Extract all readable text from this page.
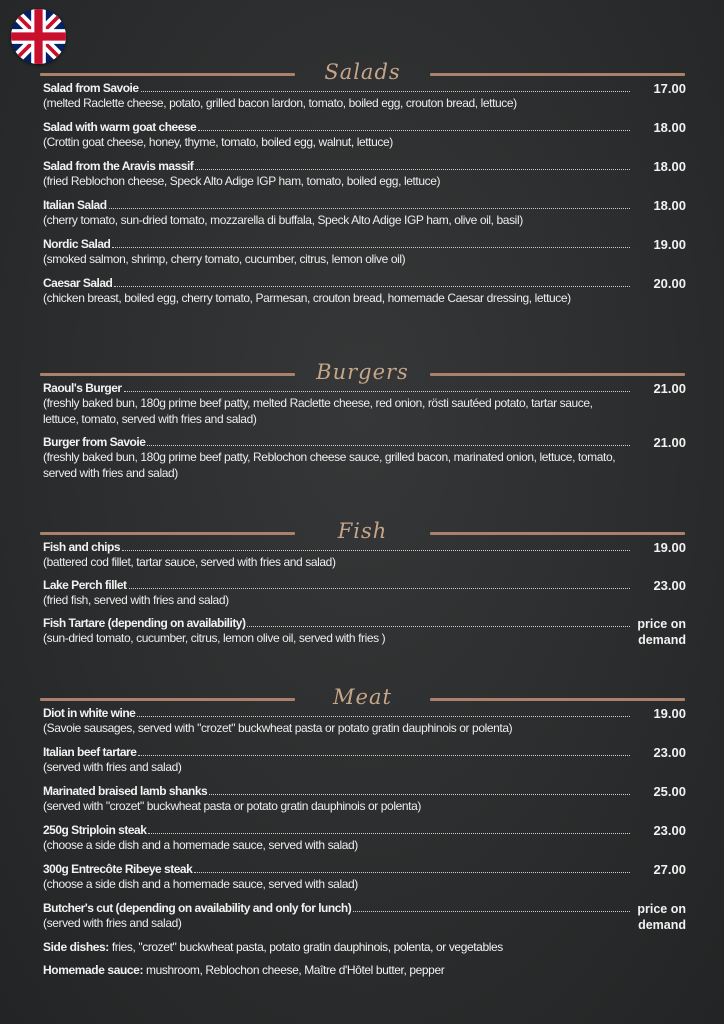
Salads
Salad from Savoie
(melted Raclette cheese, potato, grilled bacon lardon, tomato, boiled egg, crouton bread, lettuce)
17.00
Salad with warm goat cheese
(Crottin goat cheese, honey, thyme, tomato, boiled egg, walnut, lettuce)
18.00
Salad from the Aravis massif
(fried Reblochon cheese, Speck Alto Adige IGP ham, tomato, boiled egg, lettuce)
18.00
Italian Salad
(cherry tomato, sun-dried tomato, mozzarella di buffala, Speck Alto Adige IGP ham, olive oil, basil)
18.00
Nordic Salad
(smoked salmon, shrimp, cherry tomato, cucumber, citrus, lemon olive oil)
19.00
Caesar Salad
(chicken breast, boiled egg, cherry tomato, Parmesan, crouton bread, homemade Caesar dressing, lettuce)
20.00
Burgers
Raoul's Burger
(freshly baked bun, 180g prime beef patty, melted Raclette cheese, red onion, rösti sautéed potato, tartar sauce, lettuce, tomato, served with fries and salad)
21.00
Burger from Savoie
(freshly baked bun, 180g prime beef patty, Reblochon cheese sauce, grilled bacon, marinated onion, lettuce, tomato, served with fries and salad)
21.00
Fish
Fish and chips
(battered cod fillet, tartar sauce, served with fries and salad)
19.00
Lake Perch fillet
(fried fish, served with fries and salad)
23.00
Fish Tartare (depending on availability)
(sun-dried tomato, cucumber, citrus, lemon olive oil, served with fries )
price on
demand
Meat
Diot in white wine
(Savoie sausages, served with "crozet" buckwheat pasta or potato gratin dauphinois or polenta)
19.00
Italian beef tartare
(served with fries and salad)
23.00
Marinated braised lamb shanks
(served with "crozet" buckwheat pasta or potato gratin dauphinois or polenta)
25.00
250g Striploin steak
(choose a side dish and a homemade sauce, served with salad)
23.00
300g Entrecôte Ribeye steak
(choose a side dish and a homemade sauce, served with salad)
27.00
Butcher's cut (depending on availability and only for lunch)
(served with fries and salad)
price on
demand
Side dishes: fries, "crozet" buckwheat pasta, potato gratin dauphinois, polenta, or vegetables
Homemade sauce: mushroom, Reblochon cheese, Maître d'Hôtel butter, pepper
